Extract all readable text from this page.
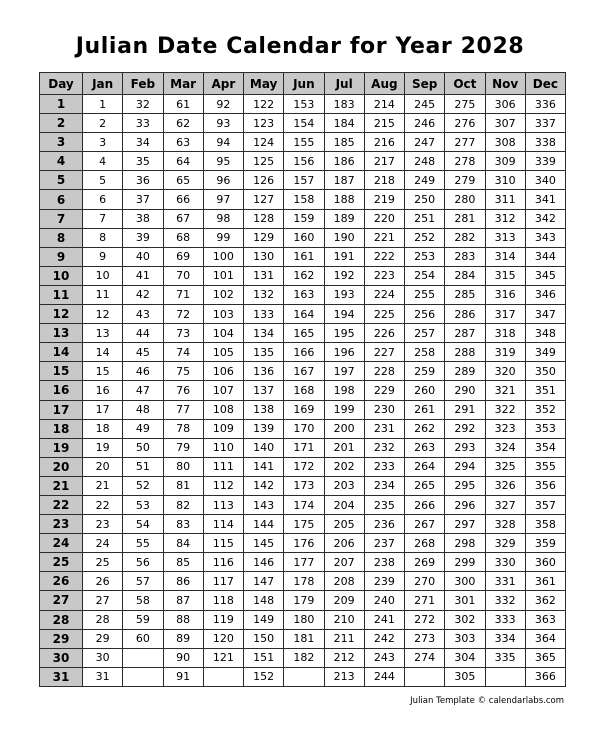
Julian Date Calendar for Year 2028
Day	Jan	Feb	Mar	Apr	May	Jun	Jul	Aug	Sep	Oct	Nov	Dec
1	1	32	61	92	122	153	183	214	245	275	306	336
2	2	33	62	93	123	154	184	215	246	276	307	337
3	3	34	63	94	124	155	185	216	247	277	308	338
4	4	35	64	95	125	156	186	217	248	278	309	339
5	5	36	65	96	126	157	187	218	249	279	310	340
6	6	37	66	97	127	158	188	219	250	280	311	341
7	7	38	67	98	128	159	189	220	251	281	312	342
8	8	39	68	99	129	160	190	221	252	282	313	343
9	9	40	69	100	130	161	191	222	253	283	314	344
10	10	41	70	101	131	162	192	223	254	284	315	345
11	11	42	71	102	132	163	193	224	255	285	316	346
12	12	43	72	103	133	164	194	225	256	286	317	347
13	13	44	73	104	134	165	195	226	257	287	318	348
14	14	45	74	105	135	166	196	227	258	288	319	349
15	15	46	75	106	136	167	197	228	259	289	320	350
16	16	47	76	107	137	168	198	229	260	290	321	351
17	17	48	77	108	138	169	199	230	261	291	322	352
18	18	49	78	109	139	170	200	231	262	292	323	353
19	19	50	79	110	140	171	201	232	263	293	324	354
20	20	51	80	111	141	172	202	233	264	294	325	355
21	21	52	81	112	142	173	203	234	265	295	326	356
22	22	53	82	113	143	174	204	235	266	296	327	357
23	23	54	83	114	144	175	205	236	267	297	328	358
24	24	55	84	115	145	176	206	237	268	298	329	359
25	25	56	85	116	146	177	207	238	269	299	330	360
26	26	57	86	117	147	178	208	239	270	300	331	361
27	27	58	87	118	148	179	209	240	271	301	332	362
28	28	59	88	119	149	180	210	241	272	302	333	363
29	29	60	89	120	150	181	211	242	273	303	334	364
30	30		90	121	151	182	212	243	274	304	335	365
31	31		91		152		213	244		305		366
Julian Template © calendarlabs.com
